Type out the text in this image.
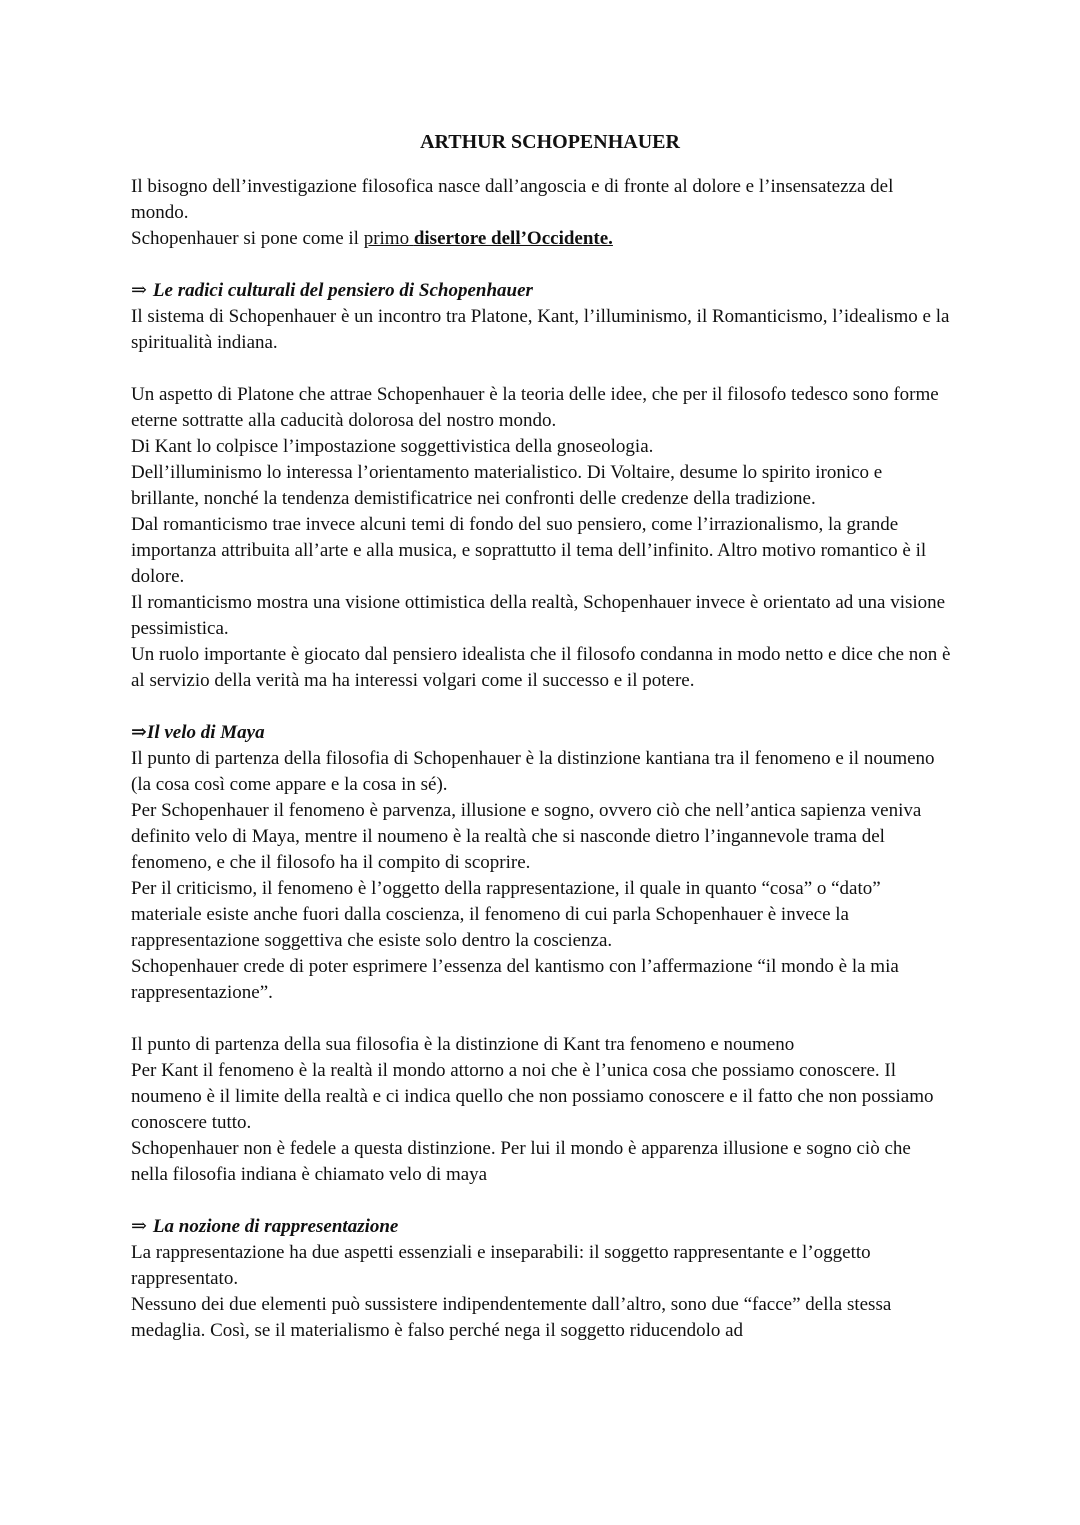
ARTHUR SCHOPENHAUER

Il bisogno dell’investigazione filosofica nasce dall’angoscia e di fronte al dolore e l’insensatezza del mondo.

Schopenhauer si pone come il primo disertore dell’Occidente.

⇒ Le radici culturali del pensiero di Schopenhauer

Il sistema di Schopenhauer è un incontro tra Platone, Kant, l’illuminismo, il Romanticismo, l’idealismo e la spiritualità indiana.

Un aspetto di Platone che attrae Schopenhauer è la teoria delle idee, che per il filosofo tedesco sono forme eterne sottratte alla caducità dolorosa del nostro mondo.

Di Kant lo colpisce l’impostazione soggettivistica della gnoseologia.

Dell’illuminismo lo interessa l’orientamento materialistico. Di Voltaire, desume lo spirito ironico e brillante, nonché la tendenza demistificatrice nei confronti delle credenze della tradizione.

Dal romanticismo trae invece alcuni temi di fondo del suo pensiero, come l’irrazionalismo, la grande importanza attribuita all’arte e alla musica, e soprattutto il tema dell’infinito. Altro motivo romantico è il dolore.

Il romanticismo mostra una visione ottimistica della realtà, Schopenhauer invece è orientato ad una visione pessimistica.

Un ruolo importante è giocato dal pensiero idealista che il filosofo condanna in modo netto e dice che non è al servizio della verità ma ha interessi volgari come il successo e il potere.

⇒Il velo di Maya

Il punto di partenza della filosofia di Schopenhauer è la distinzione kantiana tra il fenomeno e il noumeno (la cosa così come appare e la cosa in sé).

Per Schopenhauer il fenomeno è parvenza, illusione e sogno, ovvero ciò che nell’antica sapienza veniva definito velo di Maya, mentre il noumeno è la realtà che si nasconde dietro l’ingannevole trama del fenomeno, e che il filosofo ha il compito di scoprire.

Per il criticismo, il fenomeno è l’oggetto della rappresentazione, il quale in quanto “cosa” o “dato” materiale esiste anche fuori dalla coscienza, il fenomeno di cui parla Schopenhauer è invece la rappresentazione soggettiva che esiste solo dentro la coscienza.

Schopenhauer crede di poter esprimere l’essenza del kantismo con l’affermazione “il mondo è la mia rappresentazione”.

Il punto di partenza della sua filosofia è la distinzione di Kant tra fenomeno e noumeno

Per Kant il fenomeno è la realtà il mondo attorno a noi che è l’unica cosa che possiamo conoscere. Il noumeno è il limite della realtà e ci indica quello che non possiamo conoscere e il fatto che non possiamo conoscere tutto.

Schopenhauer non è fedele a questa distinzione. Per lui il mondo è apparenza illusione e sogno ciò che nella filosofia indiana è chiamato velo di maya

⇒ La nozione di rappresentazione

La rappresentazione ha due aspetti essenziali e inseparabili: il soggetto rappresentante e l’oggetto rappresentato.

Nessuno dei due elementi può sussistere indipendentemente dall’altro, sono due “facce” della stessa medaglia. Così, se il materialismo è falso perché nega il soggetto riducendolo ad
